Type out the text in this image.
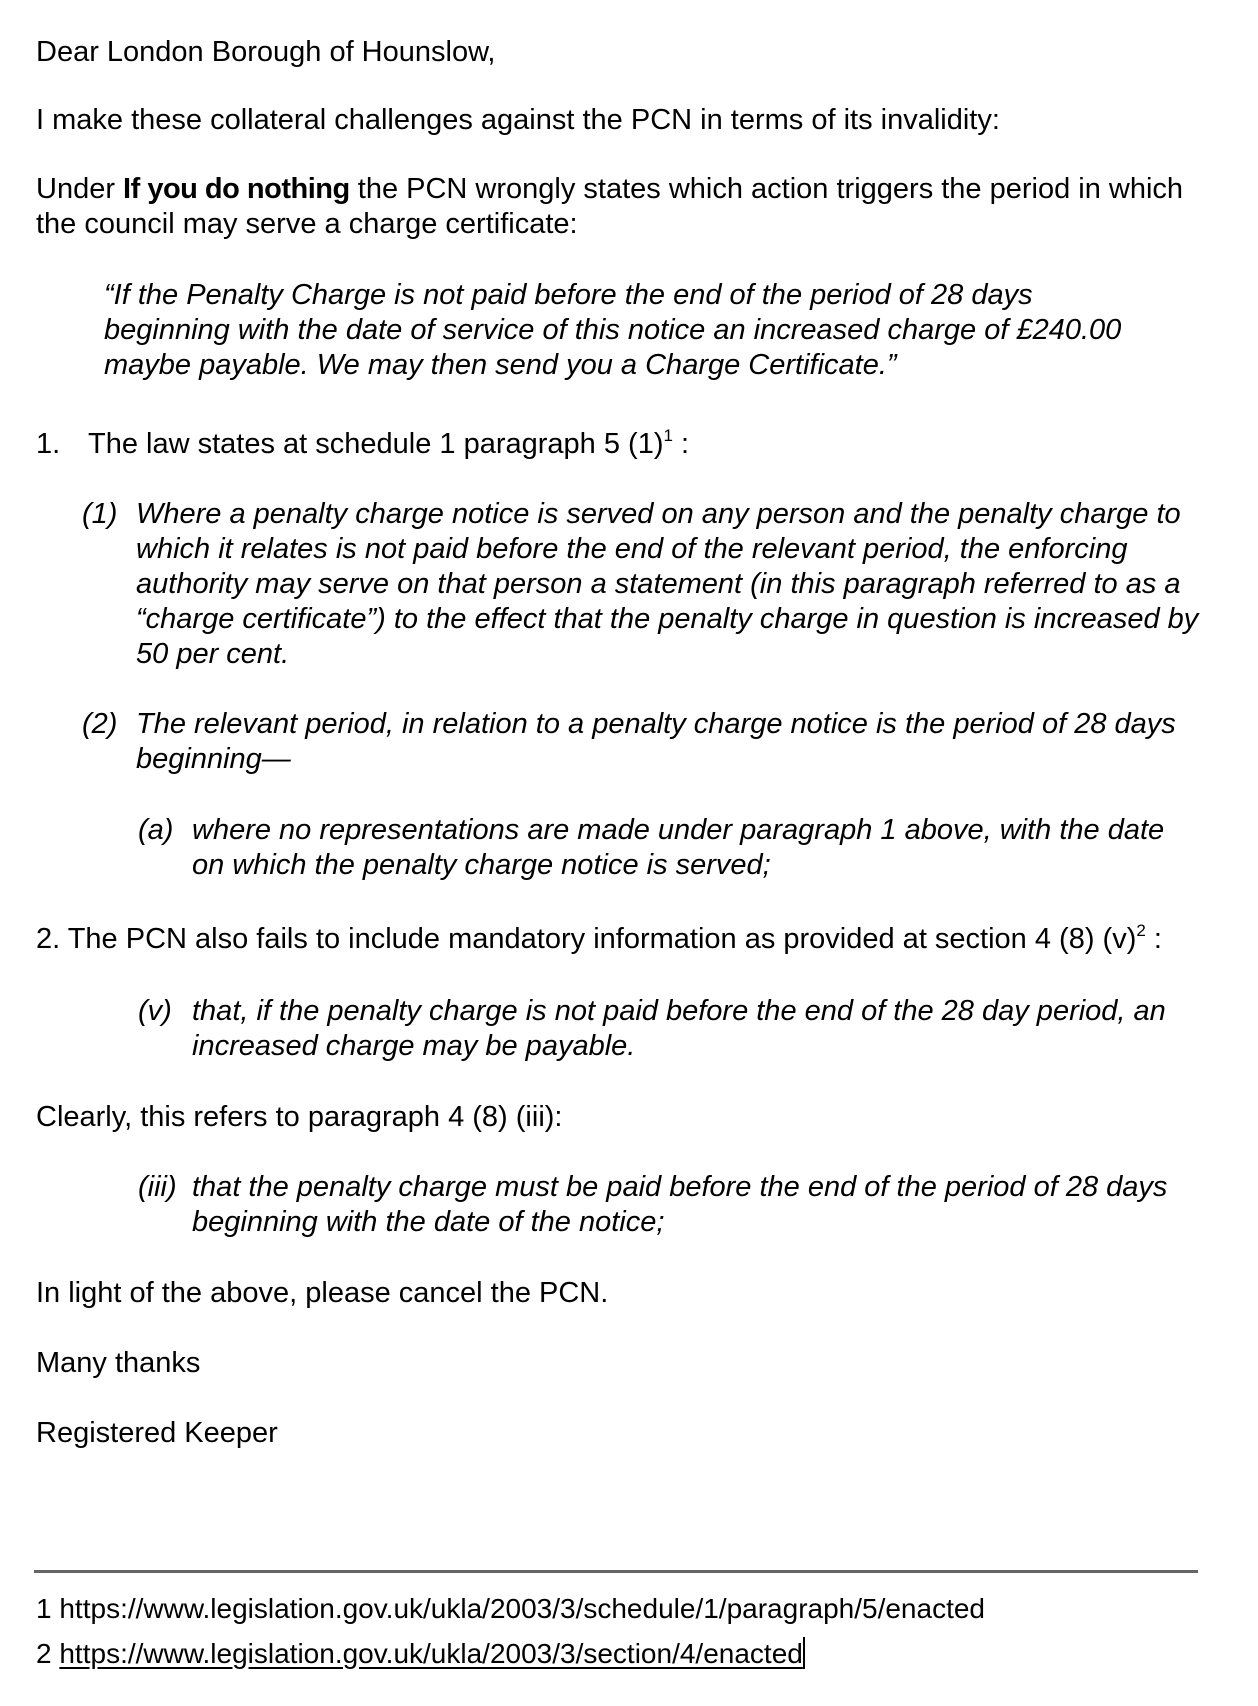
Dear London Borough of Hounslow,
I make these collateral challenges against the PCN in terms of its invalidity:
Under If you do nothing the PCN wrongly states which action triggers the period in which
the council may serve a charge certificate:
“If the Penalty Charge is not paid before the end of the period of 28 days
beginning with the date of service of this notice an increased charge of £240.00
maybe payable. We may then send you a Charge Certificate.”
1. The law states at schedule 1 paragraph 5 $(1)^1$ :
(1) Where a penalty charge notice is served on any person and the penalty charge to
which it relates is not paid before the end of the relevant period, the enforcing
authority may serve on that person a statement (in this paragraph referred to as a
“charge certificate”) to the effect that the penalty charge in question is increased by
50 per cent.
(2) The relevant period, in relation to a penalty charge notice is the period of 28 days
beginning—
(a) where no representations are made under paragraph 1 above, with the date
on which the penalty charge notice is served;
2. The PCN also fails to include mandatory information as provided at section 4 (8) $(v)^2$ :
(v) that, if the penalty charge is not paid before the end of the 28 day period, an
increased charge may be payable.
Clearly, this refers to paragraph 4 (8) (iii):
(iii) that the penalty charge must be paid before the end of the period of 28 days
beginning with the date of the notice;
In light of the above, please cancel the PCN.
Many thanks
Registered Keeper
1 https://www.legislation.gov.uk/ukla/2003/3/schedule/1/paragraph/5/enacted
2 https://www.legislation.gov.uk/ukla/2003/3/section/4/enacted
